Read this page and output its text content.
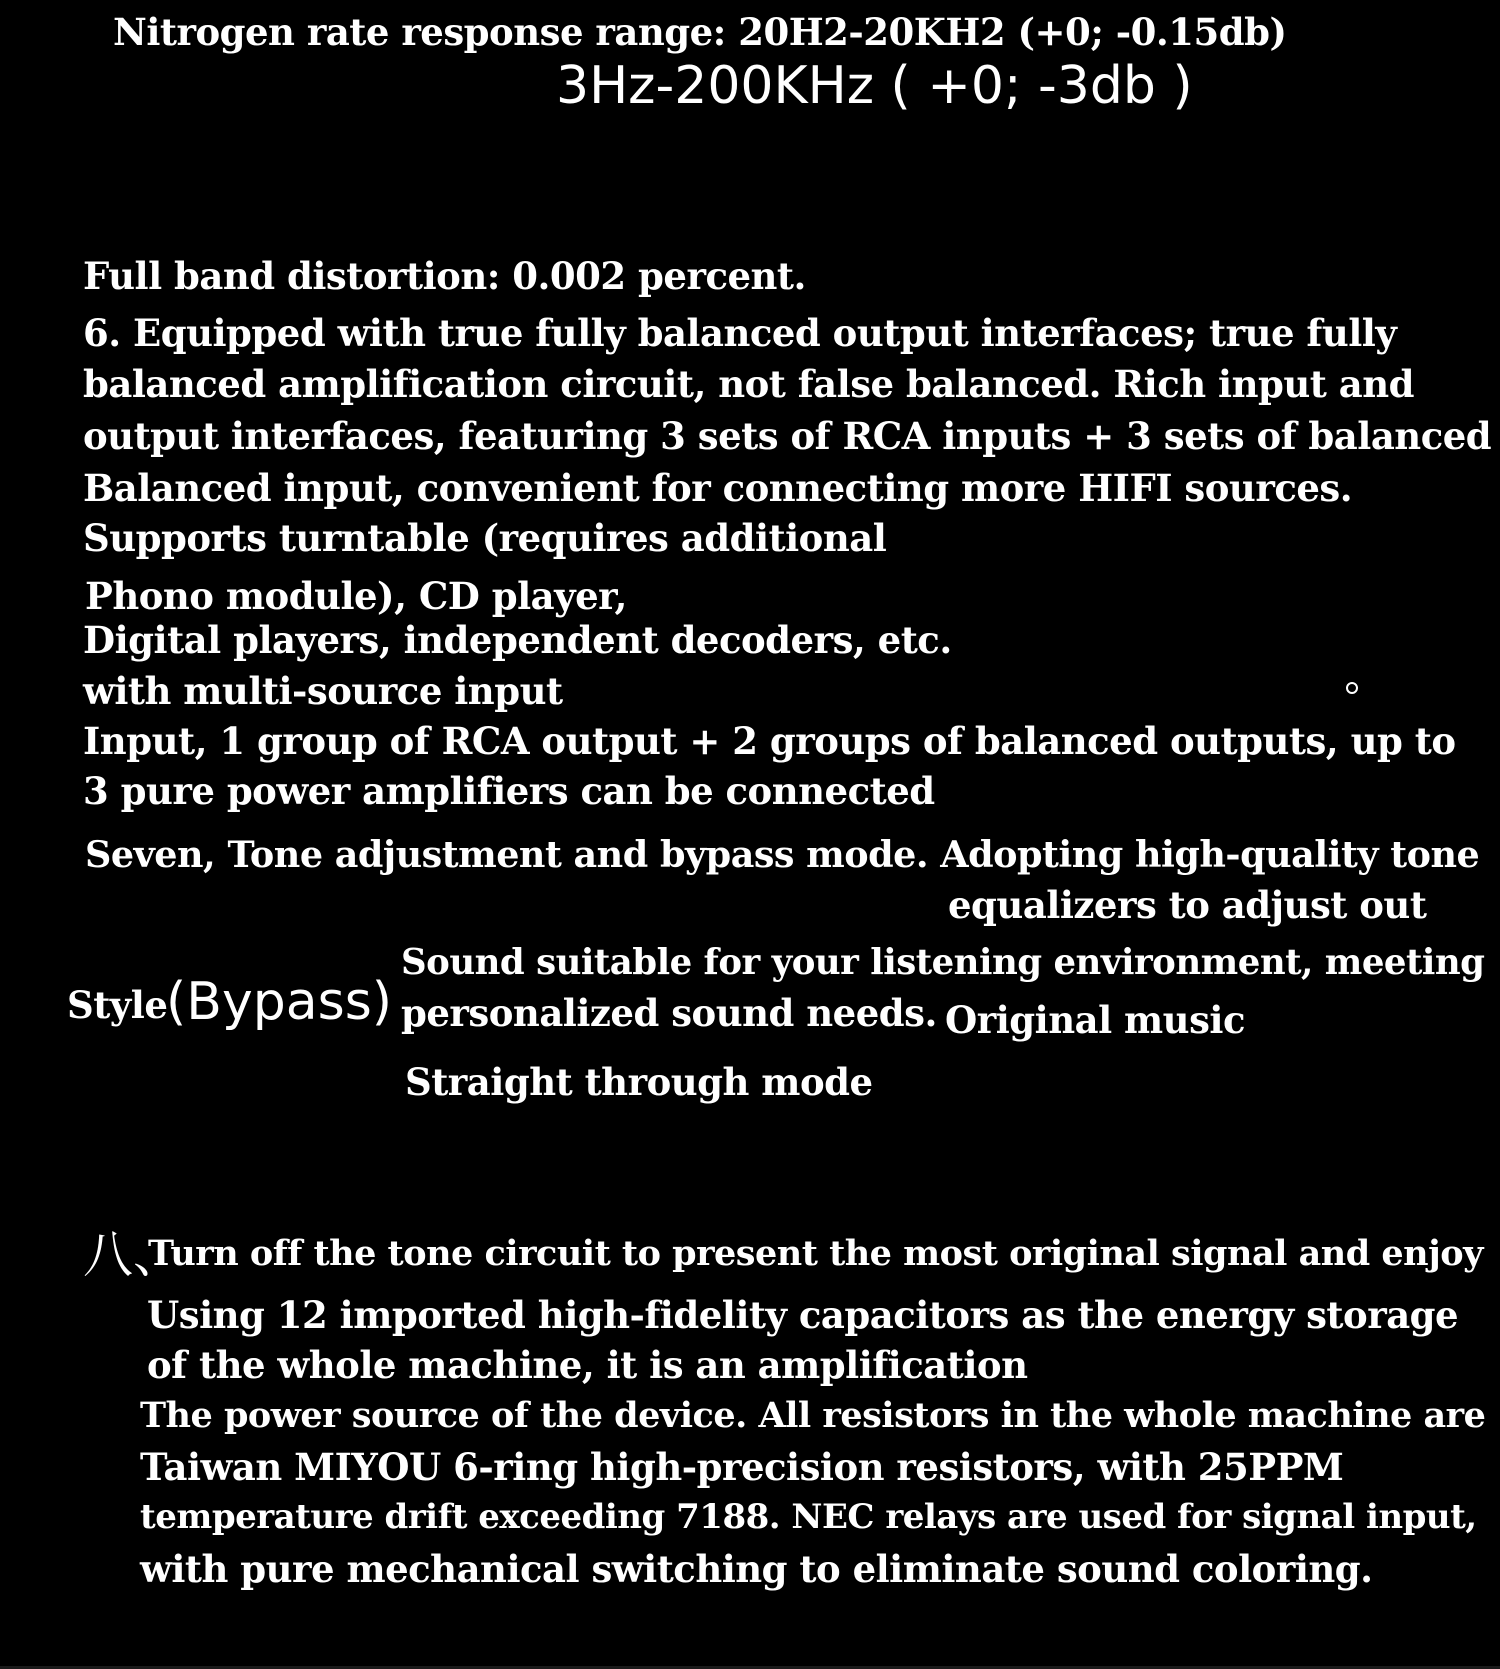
Nitrogen rate response range: 20H2-20KH2 (+0; -0.15db)
3Hz-200KHz ( +0; -3db )
Full band distortion: 0.002 percent.
6. Equipped with true fully balanced output interfaces; true fully
balanced amplification circuit, not false balanced. Rich input and
output interfaces, featuring 3 sets of RCA inputs + 3 sets of balanced
Balanced input, convenient for connecting more HIFI sources.
Supports turntable (requires additional
Phono module), CD player,
Digital players, independent decoders, etc.
with multi-source input
Input, 1 group of RCA output + 2 groups of balanced outputs, up to
3 pure power amplifiers can be connected
Seven, Tone adjustment and bypass mode. Adopting high-quality tone
equalizers to adjust out
Style
(Bypass)
Sound suitable for your listening environment, meeting
personalized sound needs. Original music
Straight through mode
八、
Turn off the tone circuit to present the most original signal and enjoy
Using 12 imported high-fidelity capacitors as the energy storage
of the whole machine, it is an amplification
The power source of the device. All resistors in the whole machine are
Taiwan MIYOU 6-ring high-precision resistors, with 25PPM
temperature drift exceeding 7188. NEC relays are used for signal input,
with pure mechanical switching to eliminate sound coloring.
